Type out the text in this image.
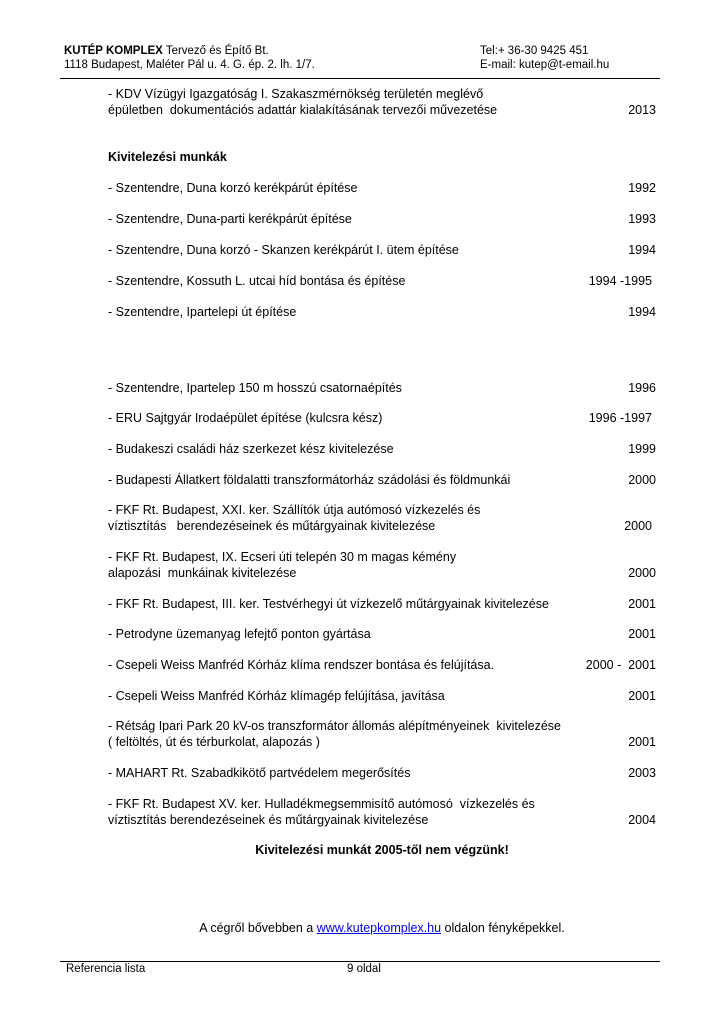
KUTÉP KOMPLEX Tervező és Építő Bt.
1118 Budapest, Maléter Pál u. 4. G. ép. 2. lh. 1/7.
Tel:+ 36-30 9425 451
E-mail: kutep@t-email.hu
- KDV Vízügyi Igazgatóság I. Szakaszmérnökség területén meglévő épületben  dokumentációs adattár kialakításának tervezői művezetése	2013
Kivitelezési munkák
- Szentendre, Duna korzó kerékpárút építése	1992
- Szentendre, Duna-parti kerékpárút építése	1993
- Szentendre, Duna korzó - Skanzen kerékpárút I. ütem építése	1994
- Szentendre, Kossuth L. utcai híd bontása és építése	1994 -1995
- Szentendre, Ipartelepi út építése	1994
- Szentendre, Ipartelep 150 m hosszú csatornaépítés	1996
- ERU Sajtgyár Irodaépület építése (kulcsra kész)	1996 -1997
- Budakeszi családi ház szerkezet kész kivitelezése	1999
- Budapesti Állatkert földalatti transzformátorház szádolási és földmunkái	2000
- FKF Rt. Budapest, XXI. ker. Szállítók útja autómosó vízkezelés és víztisztítás   berendezéseinek és műtárgyainak kivitelezése	2000
- FKF Rt. Budapest, IX. Ecseri úti telepén 30 m magas kémény alapozási  munkáinak kivitelezése	2000
- FKF Rt. Budapest, III. ker. Testvérhegyi út vízkezelő műtárgyainak kivitelezése	2001
- Petrodyne üzemanyag lefejtő ponton gyártása	2001
- Csepeli Weiss Manfréd Kórház klíma rendszer bontása és felújítása.	2000 -  2001
- Csepeli Weiss Manfréd Kórház klímagép felújítása, javítása	2001
- Rétság Ipari Park 20 kV-os transzformátor állomás alépítményeinek  kivitelezése ( feltöltés, út és térburkolat, alapozás )	2001
- MAHART Rt. Szabadkikötő partvédelem megerősítés	2003
- FKF Rt. Budapest XV. ker. Hulladékmegsemmisítő autómosó  vízkezelés és víztisztítás berendezéseinek és műtárgyainak kivitelezése	2004
Kivitelezési munkát 2005-től nem végzünk!
A cégről bővebben a www.kutepkomplex.hu oldalon fényképekkel.
Referencia lista	9 oldal
